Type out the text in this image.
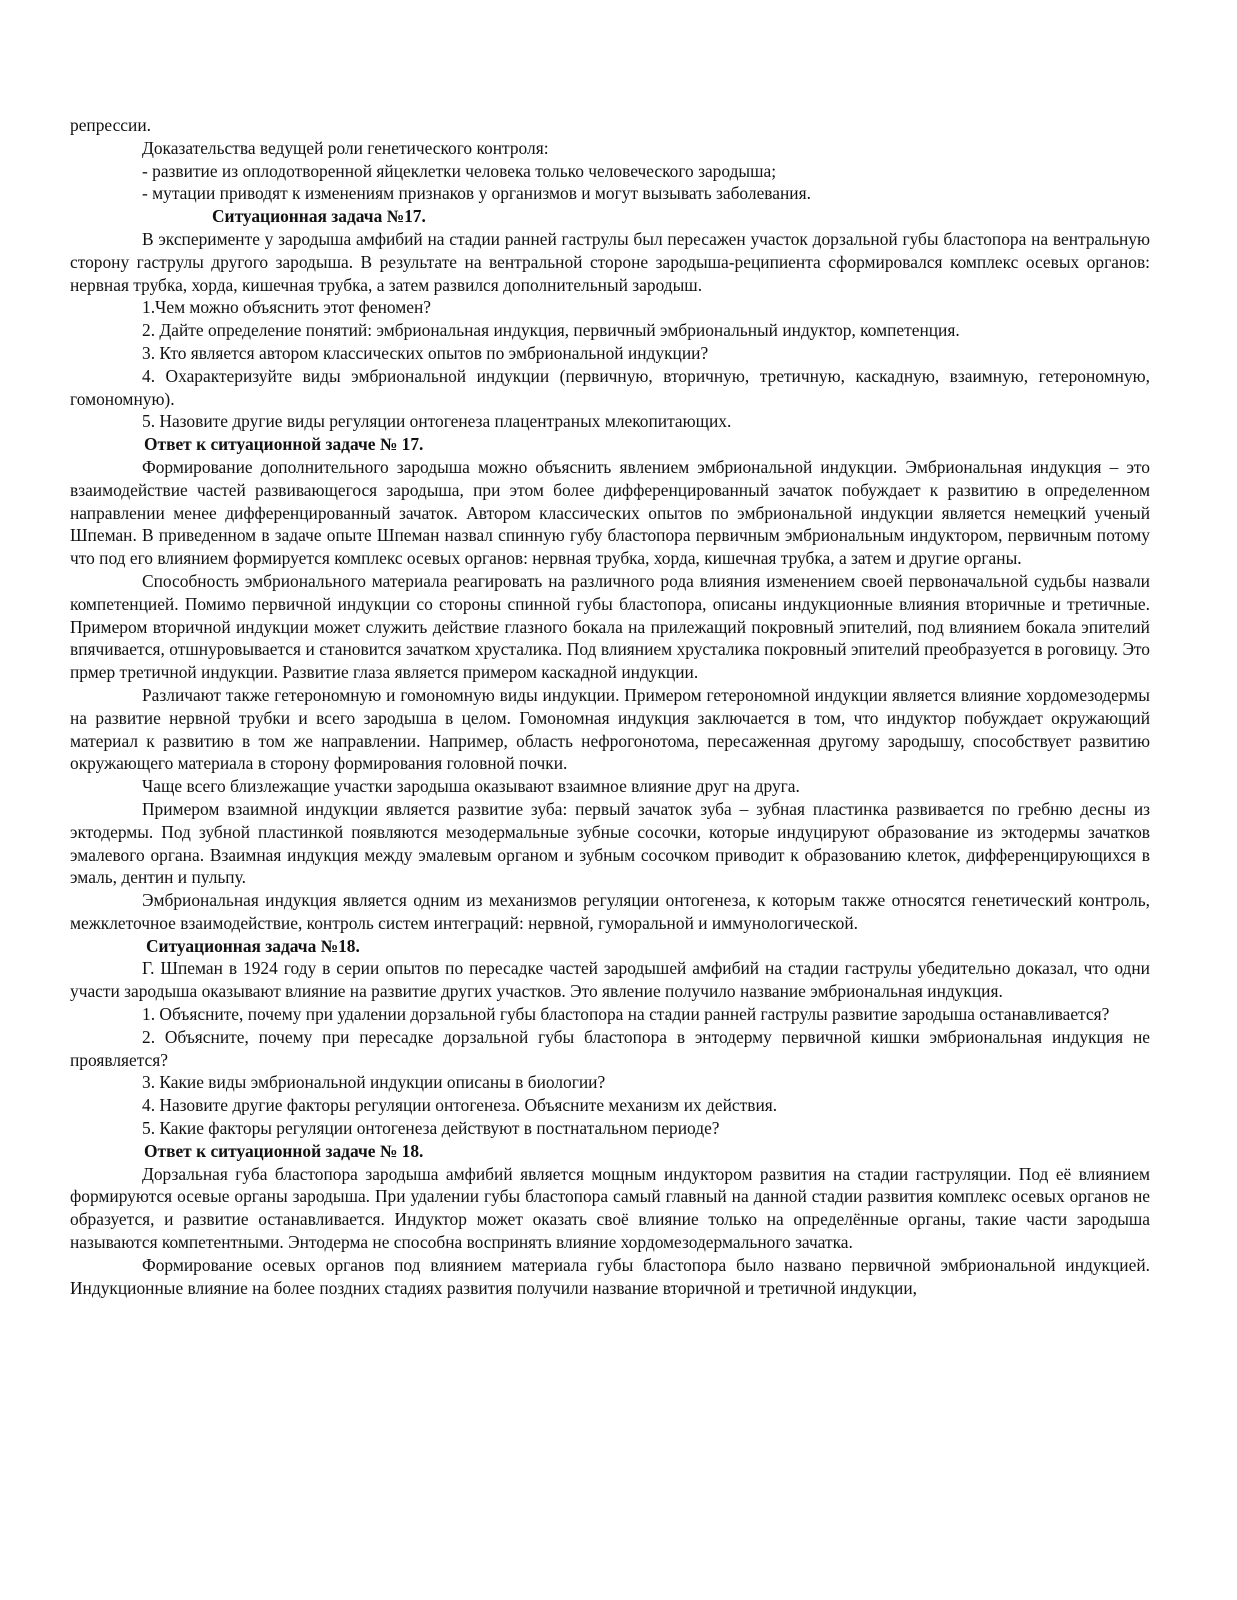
репрессии.

Доказательства ведущей роли генетического контроля:

- развитие из оплодотворенной яйцеклетки человека только человеческого зародыша;

- мутации приводят к изменениям признаков у организмов и могут вызывать заболевания.

Ситуационная задача №17.

В эксперименте у зародыша амфибий на стадии ранней гаструлы был пересажен участок дорзальной губы бластопора на вентральную сторону гаструлы другого зародыша. В результате на вентральной стороне зародыша-реципиента сформировался комплекс осевых органов: нервная трубка, хорда, кишечная трубка, а затем развился дополнительный зародыш.

1.Чем можно объяснить этот феномен?

2. Дайте определение понятий: эмбриональная индукция, первичный эмбриональный индуктор, компетенция.

3. Кто является автором классических опытов по эмбриональной индукции?

4. Охарактеризуйте виды эмбриональной индукции (первичную, вторичную, третичную, каскадную, взаимную, гетерономную, гомономную).

5. Назовите другие виды регуляции онтогенеза плацентраных млекопитающих.

Ответ к ситуационной задаче № 17.

Формирование дополнительного зародыша можно объяснить явлением эмбриональной индукции. Эмбриональная индукция – это взаимодействие частей развивающегося зародыша, при этом более дифференцированный зачаток побуждает к развитию в определенном направлении менее дифференцированный зачаток. Автором классических опытов по эмбриональной индукции является немецкий ученый Шпеман. В приведенном в задаче опыте Шпеман назвал спинную губу бластопора первичным эмбриональным индуктором, первичным потому что под его влиянием формируется комплекс осевых органов: нервная трубка, хорда, кишечная трубка, а затем и другие органы.

Способность эмбрионального материала реагировать на различного рода влияния изменением своей первоначальной судьбы назвали компетенцией. Помимо первичной индукции со стороны спинной губы бластопора, описаны индукционные влияния вторичные и третичные. Примером вторичной индукции может служить действие глазного бокала на прилежащий покровный эпителий, под влиянием бокала эпителий впячивается, отшнуровывается и становится зачатком хрусталика. Под влиянием хрусталика покровный эпителий преобразуется в роговицу. Это прмер третичной индукции. Развитие глаза является примером каскадной индукции.

Различают также гетерономную и гомономную виды индукции. Примером гетерономной индукции является влияние хордомезодермы на развитие нервной трубки и всего зародыша в целом. Гомономная индукция заключается в том, что индуктор побуждает окружающий материал к развитию в том же направлении. Например, область нефрогонотома, пересаженная другому зародышу, способствует развитию окружающего материала в сторону формирования головной почки.

Чаще всего близлежащие участки зародыша оказывают взаимное влияние друг на друга.

Примером взаимной индукции является развитие зуба: первый зачаток зуба – зубная пластинка развивается по гребню десны из эктодермы. Под зубной пластинкой появляются мезодермальные зубные сосочки, которые индуцируют образование из эктодермы зачатков эмалевого органа. Взаимная индукция между эмалевым органом и зубным сосочком приводит к образованию клеток, дифференцирующихся в эмаль, дентин и пульпу.

Эмбриональная индукция является одним из механизмов регуляции онтогенеза, к которым также относятся генетический контроль, межклеточное взаимодействие, контроль систем интеграций: нервной, гуморальной и иммунологической.

Ситуационная задача №18.

Г. Шпеман в 1924 году в серии опытов по пересадке частей зародышей амфибий на стадии гаструлы убедительно доказал, что одни участи зародыша оказывают влияние на развитие других участков. Это явление получило название эмбриональная индукция.

1. Объясните, почему при удалении дорзальной губы бластопора на стадии ранней гаструлы развитие зародыша останавливается?

2. Объясните, почему при пересадке дорзальной губы бластопора в энтодерму первичной кишки эмбриональная индукция не проявляется?

3. Какие виды эмбриональной индукции описаны в биологии?

4. Назовите другие факторы регуляции онтогенеза. Объясните механизм их действия.

5. Какие факторы регуляции онтогенеза действуют в постнатальном периоде?

Ответ к ситуационной задаче № 18.

Дорзальная губа бластопора зародыша амфибий является мощным индуктором развития на стадии гаструляции. Под её влиянием формируются осевые органы зародыша. При удалении губы бластопора самый главный на данной стадии развития комплекс осевых органов не образуется, и развитие останавливается. Индуктор может оказать своё влияние только на определённые органы, такие части зародыша называются компетентными. Энтодерма не способна воспринять влияние хордомезодермального зачатка.

Формирование осевых органов под влиянием материала губы бластопора было названо первичной эмбриональной индукцией. Индукционные влияние на более поздних стадиях развития получили название вторичной и третичной индукции,
